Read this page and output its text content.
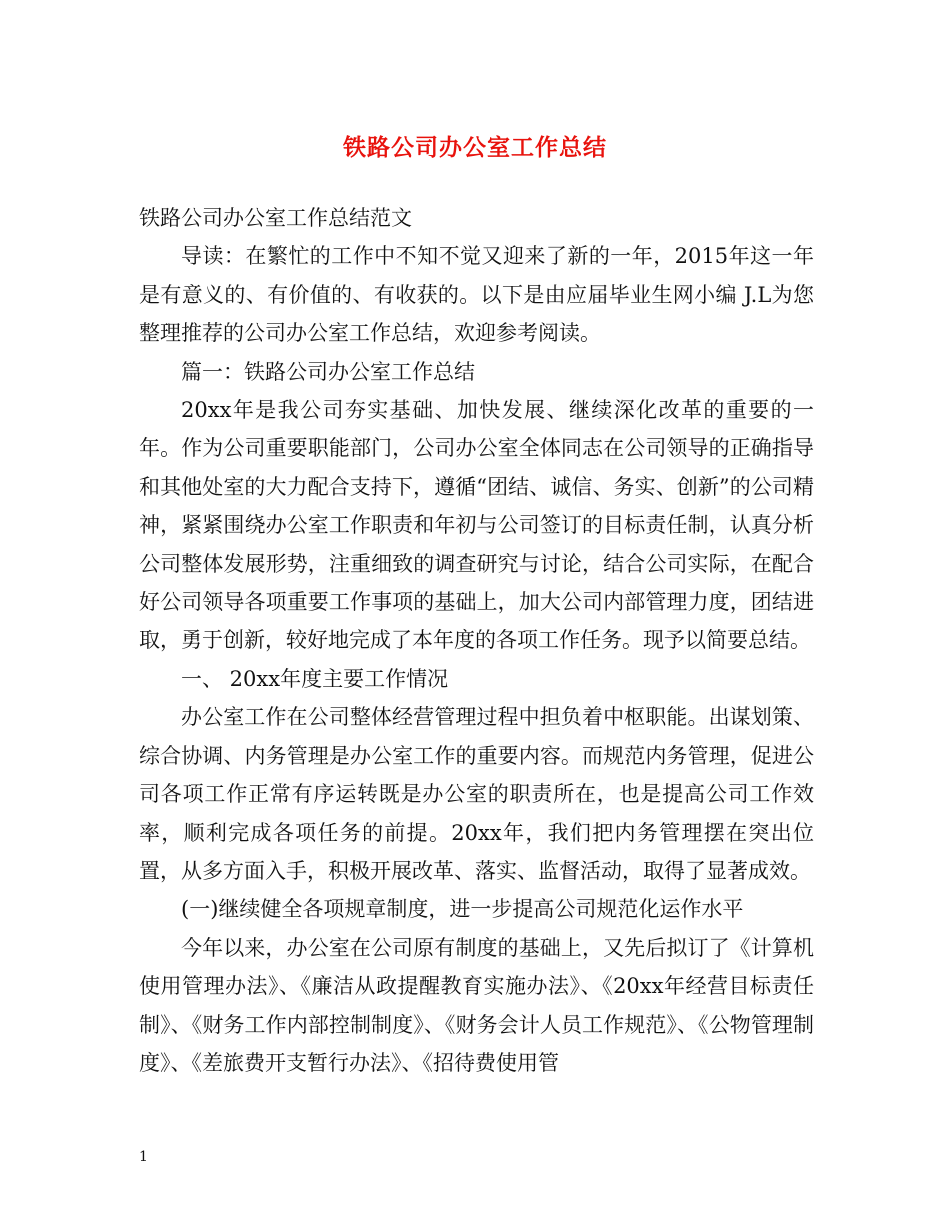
铁路公司办公室工作总结

铁路公司办公室工作总结范文

导读：在繁忙的工作中不知不觉又迎来了新的一年，2015年这一年是有意义的、有价值的、有收获的。以下是由应届毕业生网小编 J.L为您整理推荐的公司办公室工作总结，欢迎参考阅读。

篇一：铁路公司办公室工作总结

20xx年是我公司夯实基础、加快发展、继续深化改革的重要的一年。作为公司重要职能部门，公司办公室全体同志在公司领导的正确指导和其他处室的大力配合支持下，遵循“团结、诚信、务实、创新”的公司精神，紧紧围绕办公室工作职责和年初与公司签订的目标责任制，认真分析公司整体发展形势，注重细致的调查研究与讨论，结合公司实际，在配合好公司领导各项重要工作事项的基础上，加大公司内部管理力度，团结进取，勇于创新，较好地完成了本年度的各项工作任务。现予以简要总结。

一、 20xx年度主要工作情况

办公室工作在公司整体经营管理过程中担负着中枢职能。出谋划策、综合协调、内务管理是办公室工作的重要内容。而规范内务管理，促进公司各项工作正常有序运转既是办公室的职责所在，也是提高公司工作效率，顺利完成各项任务的前提。20xx年，我们把内务管理摆在突出位置，从多方面入手，积极开展改革、落实、监督活动，取得了显著成效。

(一)继续健全各项规章制度，进一步提高公司规范化运作水平

今年以来，办公室在公司原有制度的基础上，又先后拟订了《计算机使用管理办法》、《廉洁从政提醒教育实施办法》、《20xx年经营目标责任制》、《财务工作内部控制制度》、《财务会计人员工作规范》、《公物管理制度》、《差旅费开支暂行办法》、《招待费使用管

1
